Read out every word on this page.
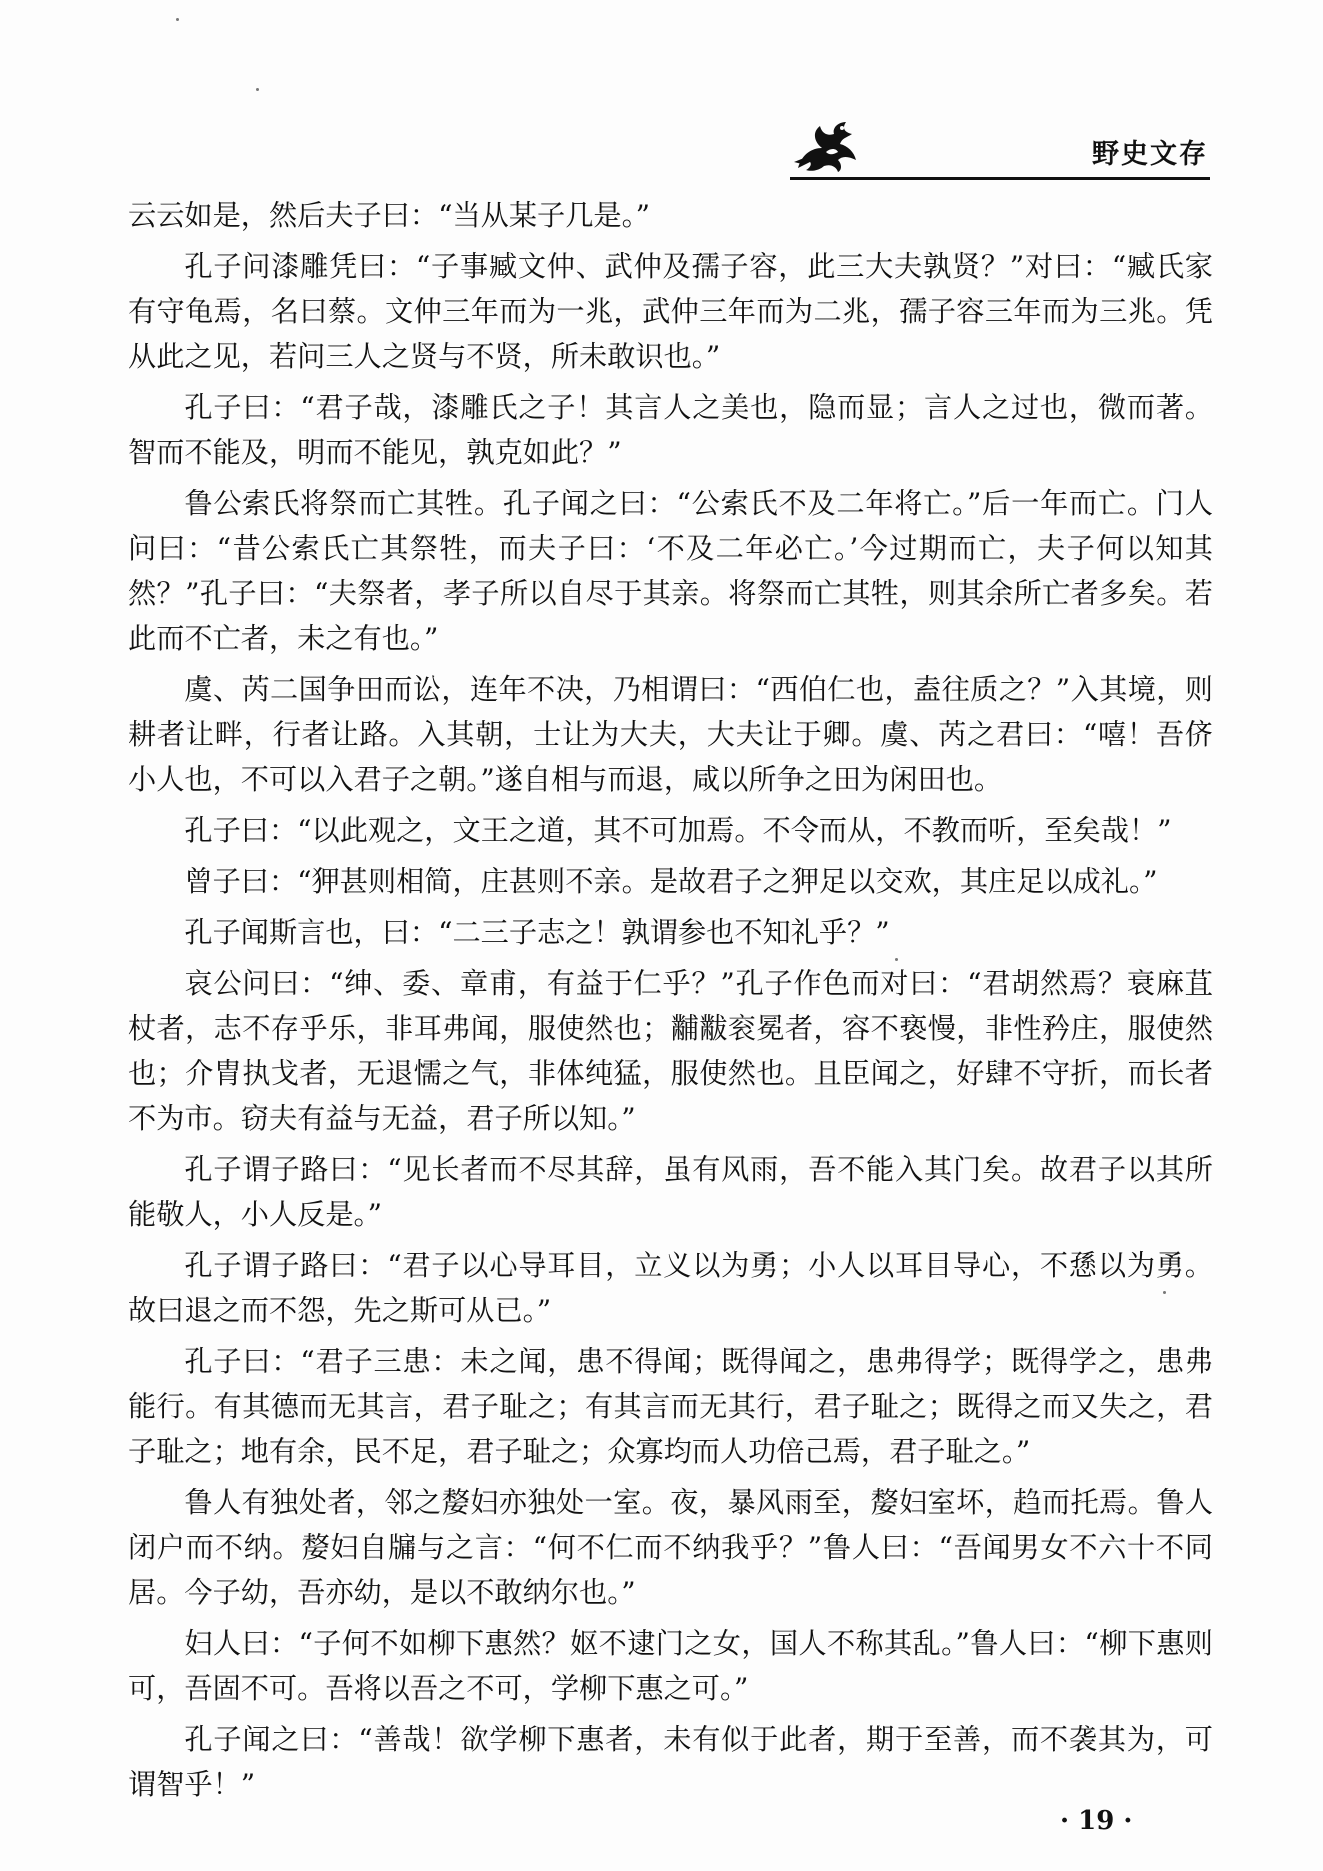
野史文存

云云如是，然后夫子曰：“当从某子几是。”

孔子问漆雕凭曰：“子事臧文仲、武仲及孺子容，此三大夫孰贤？”对曰：“臧氏家有守龟焉，名曰蔡。文仲三年而为一兆，武仲三年而为二兆，孺子容三年而为三兆。凭从此之见，若问三人之贤与不贤，所未敢识也。”

孔子曰：“君子哉，漆雕氏之子！其言人之美也，隐而显；言人之过也，微而著。智而不能及，明而不能见，孰克如此？”

鲁公索氏将祭而亡其牲。孔子闻之曰：“公索氏不及二年将亡。”后一年而亡。门人问曰：“昔公索氏亡其祭牲，而夫子曰：‘不及二年必亡。’今过期而亡，夫子何以知其然？”孔子曰：“夫祭者，孝子所以自尽于其亲。将祭而亡其牲，则其余所亡者多矣。若此而不亡者，未之有也。”

虞、芮二国争田而讼，连年不决，乃相谓曰：“西伯仁也，盍往质之？”入其境，则耕者让畔，行者让路。入其朝，士让为大夫，大夫让于卿。虞、芮之君曰：“嘻！吾侪小人也，不可以入君子之朝。”遂自相与而退，咸以所争之田为闲田也。

孔子曰：“以此观之，文王之道，其不可加焉。不令而从，不教而听，至矣哉！”

曾子曰：“狎甚则相简，庄甚则不亲。是故君子之狎足以交欢，其庄足以成礼。”

孔子闻斯言也，曰：“二三子志之！孰谓参也不知礼乎？”

哀公问曰：“绅、委、章甫，有益于仁乎？”孔子作色而对曰：“君胡然焉？衰麻苴杖者，志不存乎乐，非耳弗闻，服使然也；黼黻衮冕者，容不亵慢，非性矜庄，服使然也；介胄执戈者，无退懦之气，非体纯猛，服使然也。且臣闻之，好肆不守折，而长者不为市。窃夫有益与无益，君子所以知。”

孔子谓子路曰：“见长者而不尽其辞，虽有风雨，吾不能入其门矣。故君子以其所能敬人，小人反是。”

孔子谓子路曰：“君子以心导耳目，立义以为勇；小人以耳目导心，不愻以为勇。故曰退之而不怨，先之斯可从已。”

孔子曰：“君子三患：未之闻，患不得闻；既得闻之，患弗得学；既得学之，患弗能行。有其德而无其言，君子耻之；有其言而无其行，君子耻之；既得之而又失之，君子耻之；地有余，民不足，君子耻之；众寡均而人功倍己焉，君子耻之。”

鲁人有独处者，邻之嫠妇亦独处一室。夜，暴风雨至，嫠妇室坏，趋而托焉。鲁人闭户而不纳。嫠妇自牖与之言：“何不仁而不纳我乎？”鲁人曰：“吾闻男女不六十不同居。今子幼，吾亦幼，是以不敢纳尔也。”

妇人曰：“子何不如柳下惠然？妪不逮门之女，国人不称其乱。”鲁人曰：“柳下惠则可，吾固不可。吾将以吾之不可，学柳下惠之可。”

孔子闻之曰：“善哉！欲学柳下惠者，未有似于此者，期于至善，而不袭其为，可谓智乎！”

· 19 ·
